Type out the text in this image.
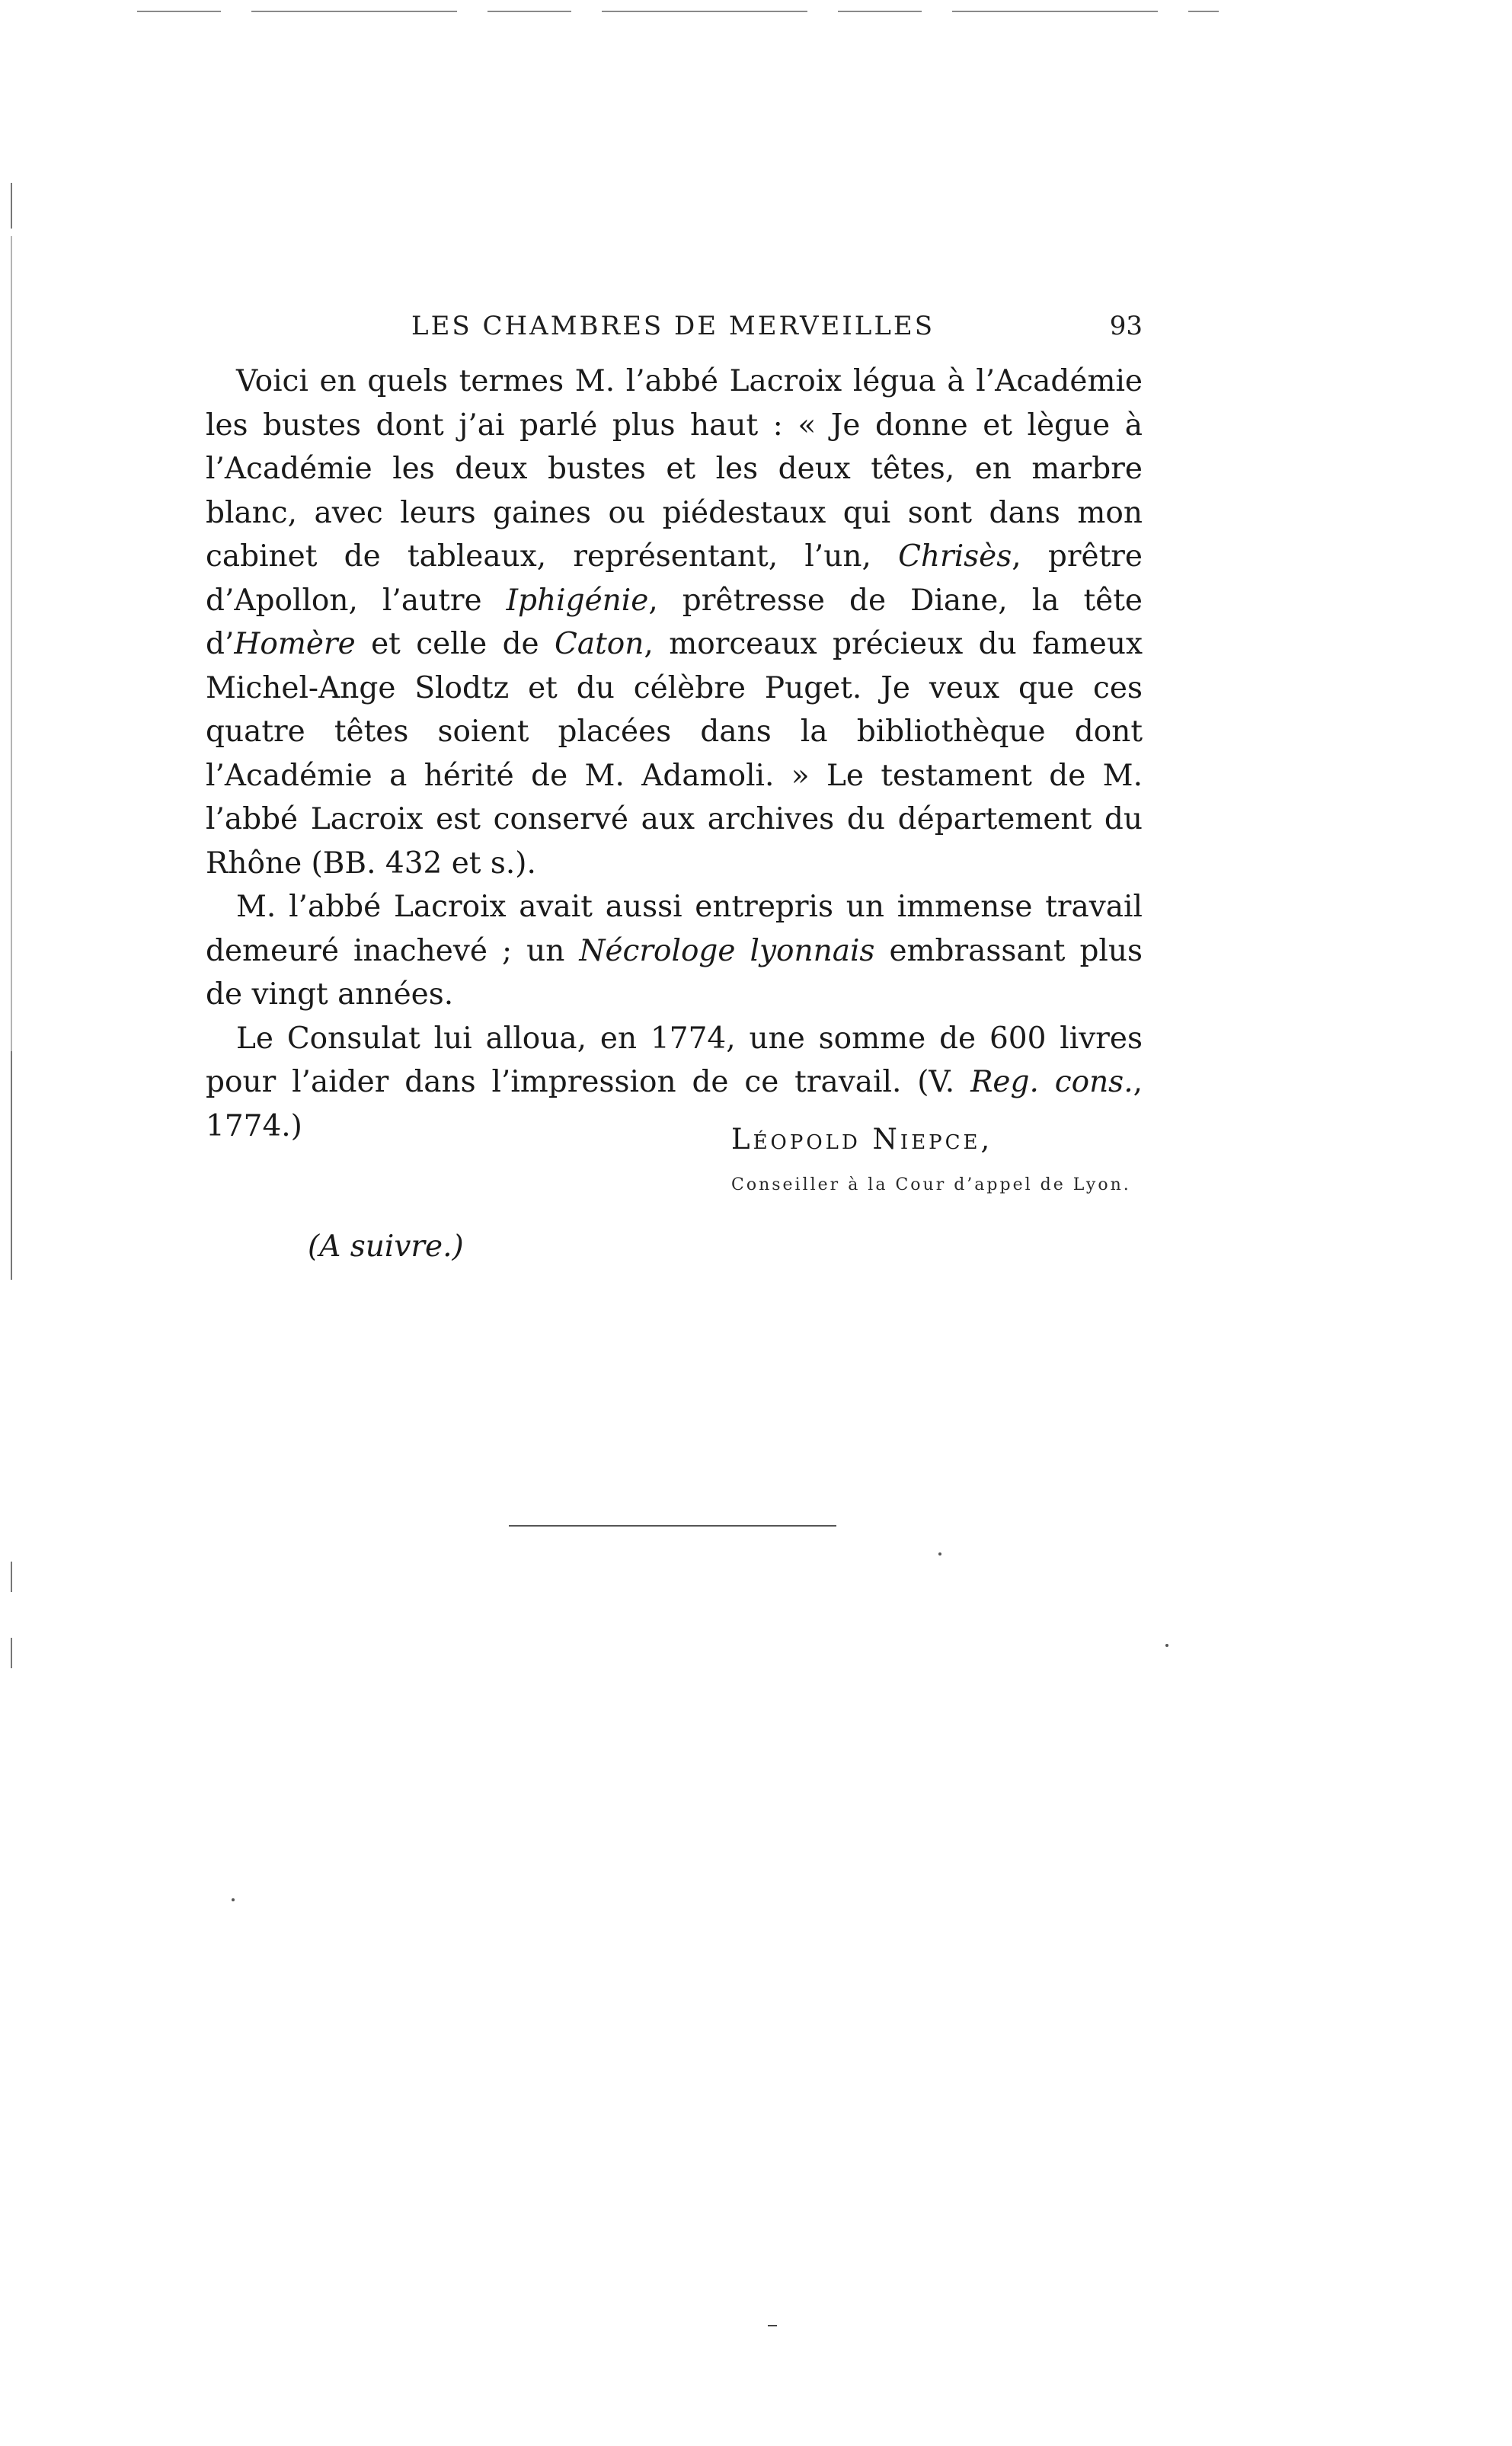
LES CHAMBRES DE MERVEILLES	93

Voici en quels termes M. l’abbé Lacroix légua à l’Académie les bustes dont j’ai parlé plus haut : « Je donne et lègue à l’Académie les deux bustes et les deux têtes, en marbre blanc, avec leurs gaines ou piédestaux qui sont dans mon cabinet de tableaux, représentant, l’un, Chrisès, prêtre d’Apollon, l’autre Iphigénie, prêtresse de Diane, la tête d’Homère et celle de Caton, morceaux précieux du fameux Michel-Ange Slodtz et du célèbre Puget. Je veux que ces quatre têtes soient placées dans la bibliothèque dont l’Académie a hérité de M. Adamoli. » Le testament de M. l’abbé Lacroix est conservé aux archives du département du Rhône (BB. 432 et s.).

M. l’abbé Lacroix avait aussi entrepris un immense travail demeuré inachevé ; un Nécrologe lyonnais embrassant plus de vingt années.

Le Consulat lui alloua, en 1774, une somme de 600 livres pour l’aider dans l’impression de ce travail. (V. Reg. cons., 1774.)	Léopold Niepce,
Conseiller à la Cour d’appel de Lyon.
(A suivre.)
